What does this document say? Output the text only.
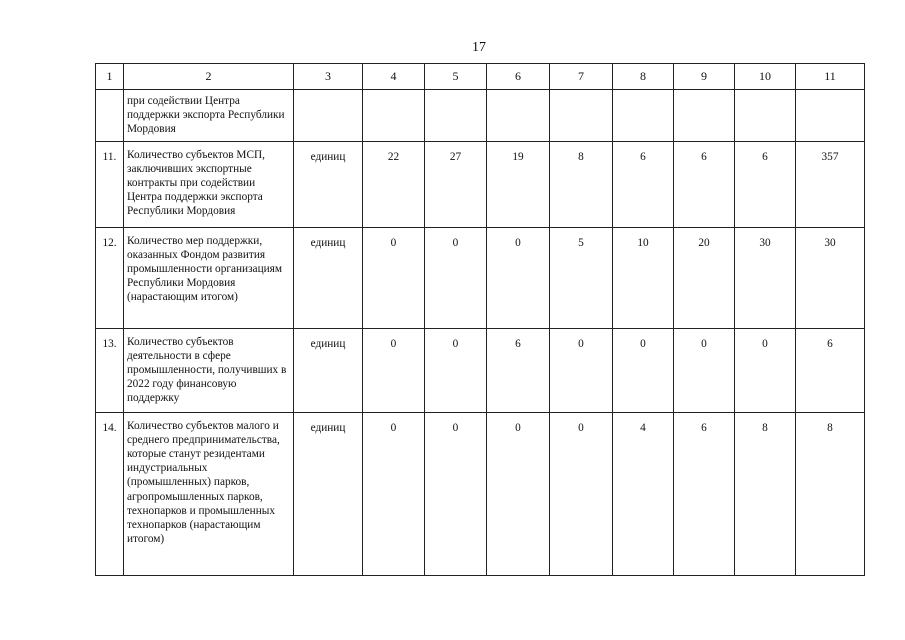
17
1	2	3	4	5	6	7	8	9	10	11
	при содействии Центра поддержки экспорта Республики Мордовия									
11.	Количество субъектов МСП, заключивших экспортные контракты при содействии Центра поддержки экспорта Республики Мордовия	единиц	22	27	19	8	6	6	6	357
12.	Количество мер поддержки, оказанных Фондом развития промышленности организациям Республики Мордовия (нарастающим итогом)	единиц	0	0	0	5	10	20	30	30
13.	Количество субъектов деятельности в сфере промышленности, получивших в 2022 году финансовую поддержку	единиц	0	0	6	0	0	0	0	6
14.	Количество субъектов малого и среднего предпринимательства, которые станут резидентами индустриальных (промышленных) парков, агропромышленных парков, технопарков и промышленных технопарков (нарастающим итогом)	единиц	0	0	0	0	4	6	8	8
